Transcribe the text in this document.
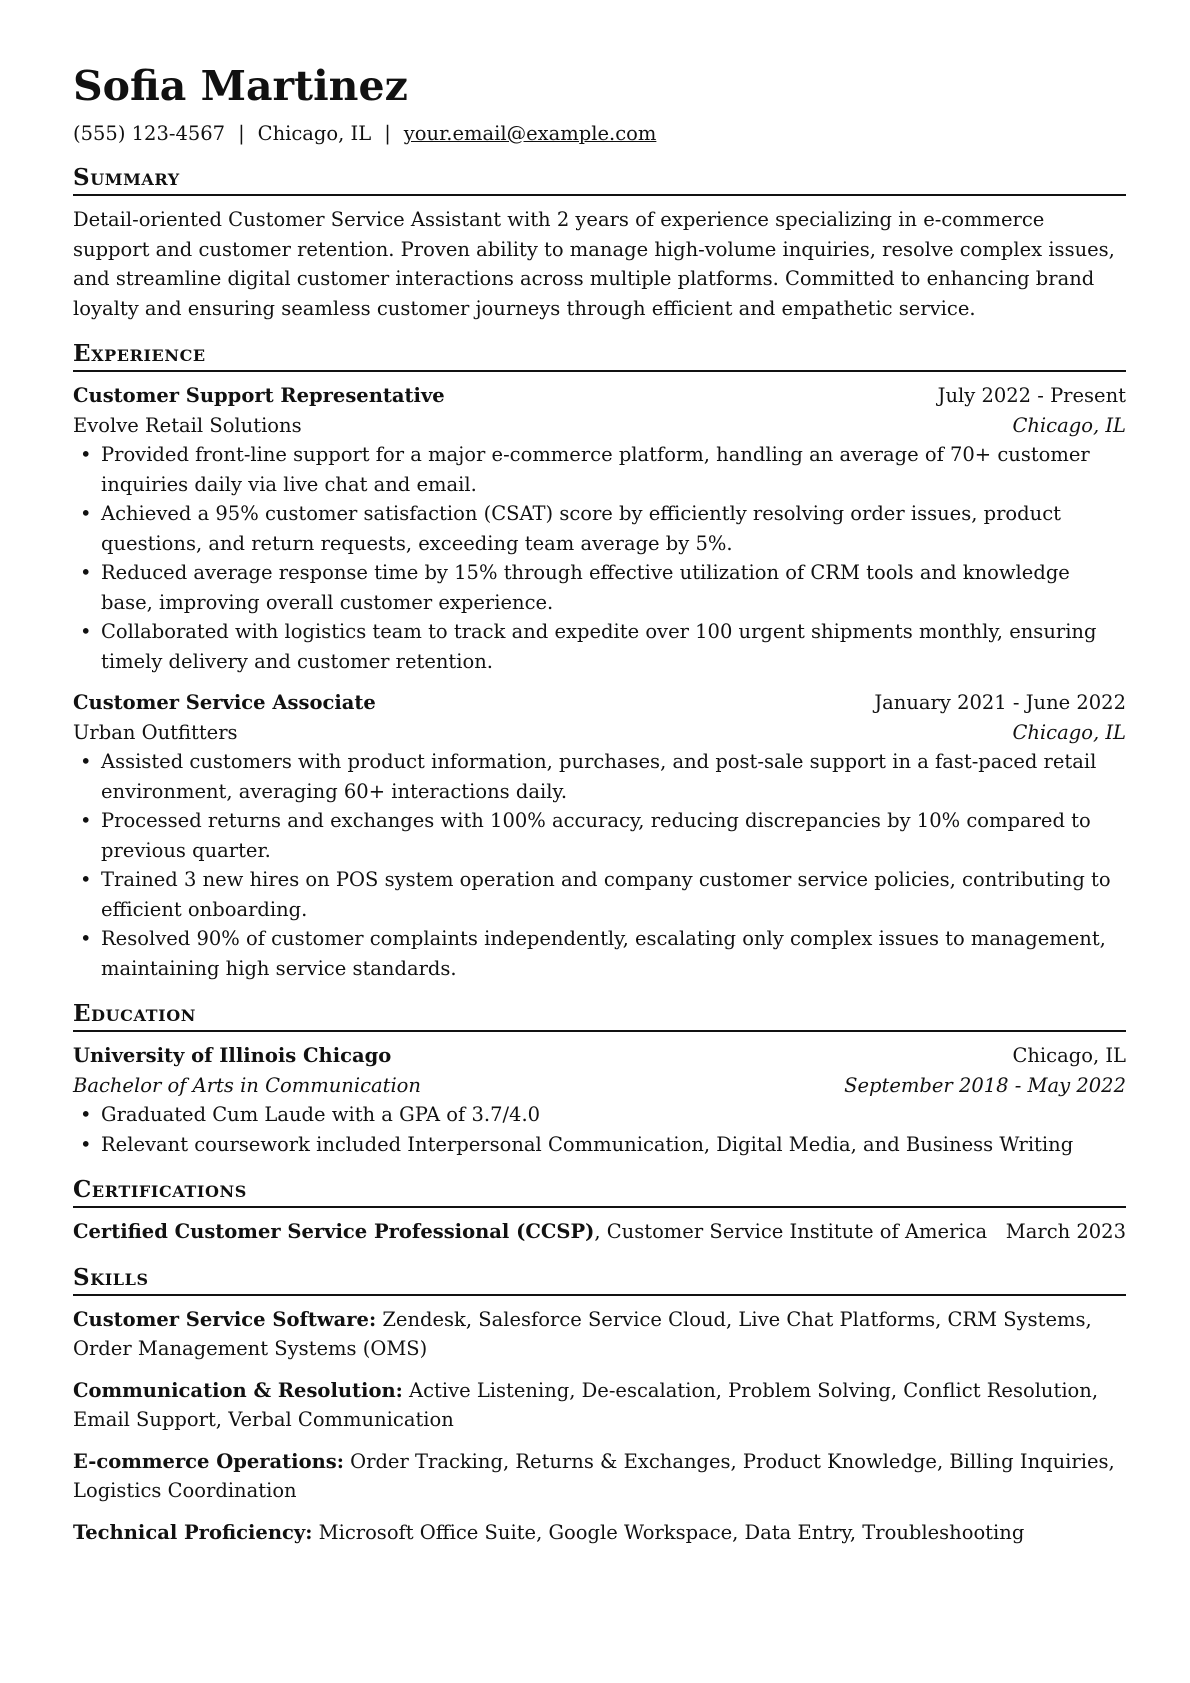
Sofia Martinez
(555) 123-4567 | Chicago, IL | your.email@example.com
Summary

Detail-oriented Customer Service Assistant with 2 years of experience specializing in e-commerce support and customer retention. Proven ability to manage high-volume inquiries, resolve complex issues, and streamline digital customer interactions across multiple platforms. Committed to enhancing brand loyalty and ensuring seamless customer journeys through efficient and empathetic service.

Experience
Customer Support Representative	July 2022 - Present
Evolve Retail Solutions	Chicago, IL
• Provided front-line support for a major e-commerce platform, handling an average of 70+ customer inquiries daily via live chat and email.
• Achieved a 95% customer satisfaction (CSAT) score by efficiently resolving order issues, product questions, and return requests, exceeding team average by 5%.
• Reduced average response time by 15% through effective utilization of CRM tools and knowledge base, improving overall customer experience.
• Collaborated with logistics team to track and expedite over 100 urgent shipments monthly, ensuring timely delivery and customer retention.
Customer Service Associate	January 2021 - June 2022
Urban Outfitters	Chicago, IL
• Assisted customers with product information, purchases, and post-sale support in a fast-paced retail environment, averaging 60+ interactions daily.
• Processed returns and exchanges with 100% accuracy, reducing discrepancies by 10% compared to previous quarter.
• Trained 3 new hires on POS system operation and company customer service policies, contributing to efficient onboarding.
• Resolved 90% of customer complaints independently, escalating only complex issues to management, maintaining high service standards.
Education
University of Illinois Chicago	Chicago, IL
Bachelor of Arts in Communication	September 2018 - May 2022
• Graduated Cum Laude with a GPA of 3.7/4.0
• Relevant coursework included Interpersonal Communication, Digital Media, and Business Writing
Certifications
Certified Customer Service Professional (CCSP), Customer Service Institute of America March 2023
Skills

Customer Service Software: Zendesk, Salesforce Service Cloud, Live Chat Platforms, CRM Systems, Order Management Systems (OMS)

Communication & Resolution: Active Listening, De-escalation, Problem Solving, Conflict Resolution, Email Support, Verbal Communication

E-commerce Operations: Order Tracking, Returns & Exchanges, Product Knowledge, Billing Inquiries, Logistics Coordination

Technical Proficiency: Microsoft Office Suite, Google Workspace, Data Entry, Troubleshooting
